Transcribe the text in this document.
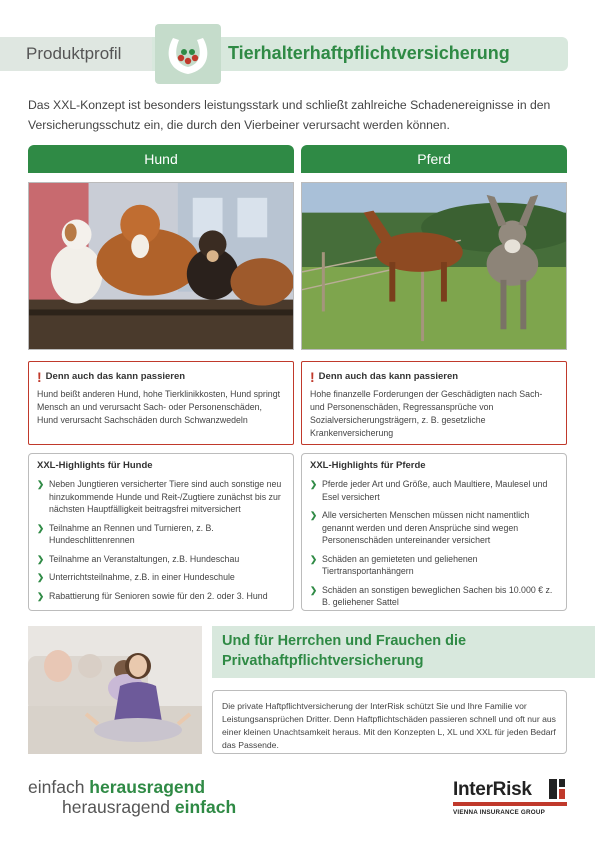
Produktprofil	Tierhalterhaftpflichtversicherung

Das XXL-Konzept ist besonders leistungsstark und schließt zahlreiche Schadenereignisse in den Versicherungsschutz ein, die durch den Vierbeiner verursacht werden können.

Hund
! Denn auch das kann passieren
Hund beißt anderen Hund, hohe Tierklinikkosten, Hund springt Mensch an und verursacht Sach- oder Personenschäden, Hund verursacht Sachschäden durch Schwanzwedeln
XXL-Highlights für Hunde
❯ Neben Jungtieren versicherter Tiere sind auch sonstige neu hinzukommende Hunde und Reit-/Zugtiere zunächst bis zur nächsten Hauptfälligkeit beitragsfrei mitversichert
❯ Teilnahme an Rennen und Turnieren, z. B. Hundeschlittenrennen
❯ Teilnahme an Veranstaltungen, z.B. Hundeschau
❯ Unterrichtsteilnahme, z.B. in einer Hundeschule
❯ Rabattierung für Senioren sowie für den 2. oder 3. Hund
Pferd
! Denn auch das kann passieren
Hohe finanzelle Forderungen der Geschädigten nach Sach- und Personenschäden, Regressansprüche von Sozialversicherungsträgern, z. B. gesetzliche Krankenversicherung
XXL-Highlights für Pferde
❯ Pferde jeder Art und Größe, auch Maultiere, Maulesel und Esel versichert
❯ Alle versicherten Menschen müssen nicht namentlich genannt werden und deren Ansprüche sind wegen Personenschäden untereinander versichert
❯ Schäden an gemieteten und geliehenen Tiertransportanhängern
❯ Schäden an sonstigen beweglichen Sachen bis 10.000 € z. B. geliehener Sattel
Und für Herrchen und Frauchen die Privathaftpflichtversicherung
Die private Haftpflichtversicherung der InterRisk schützt Sie und Ihre Familie vor Leistungsansprüchen Dritter. Denn Haftpflichtschäden passieren schnell und oft nur aus einer kleinen Unachtsamkeit heraus. Mit den Konzepten L, XL und XXL für jeden Bedarf das Passende.
einfach herausragend
herausragend einfach
InterRisk
VIENNA INSURANCE GROUP
